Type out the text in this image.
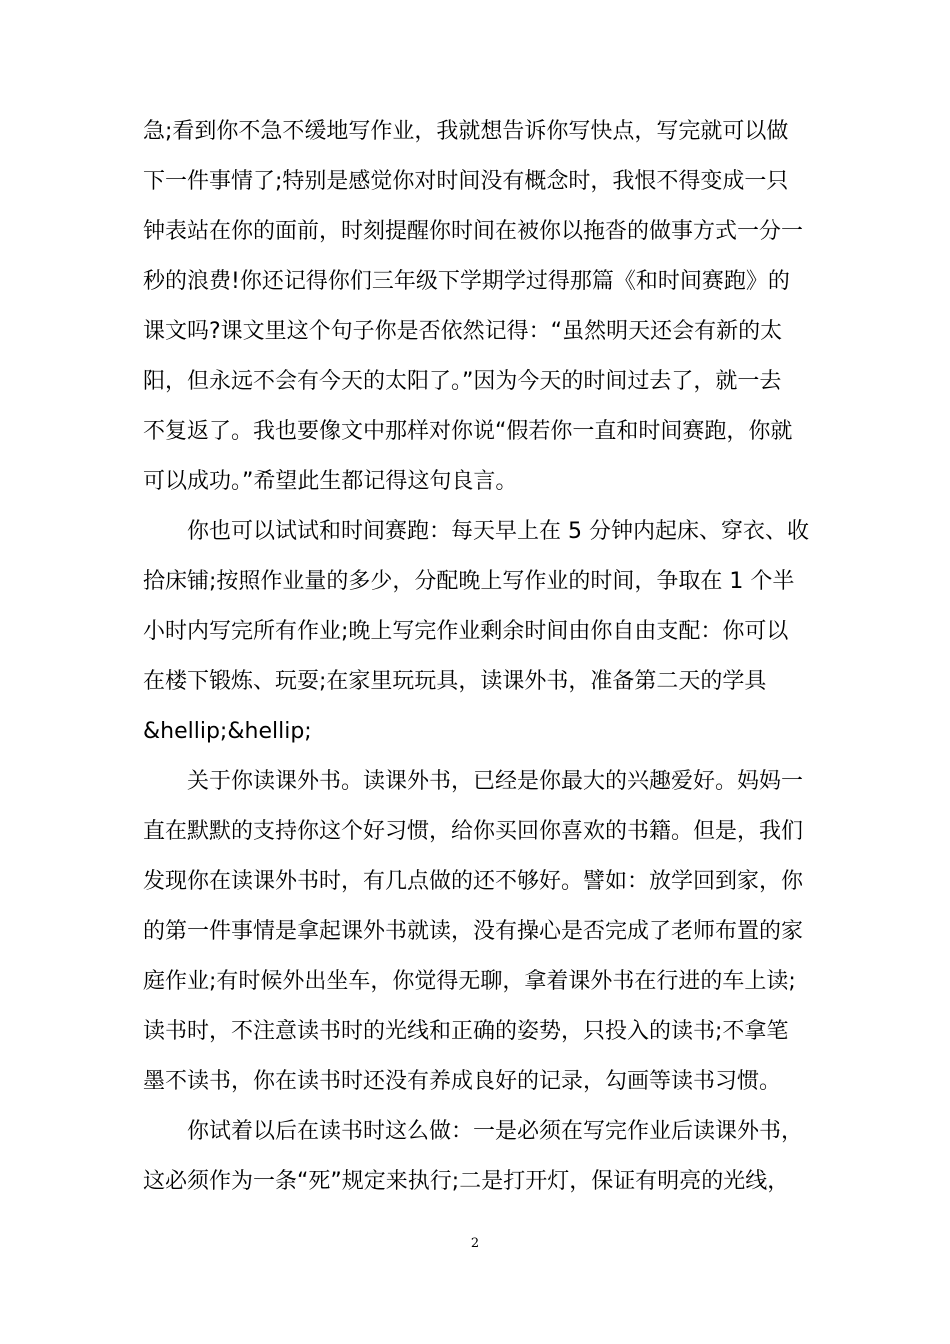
急;看到你不急不缓地写作业，我就想告诉你写快点，写完就可以做
下一件事情了;特别是感觉你对时间没有概念时，我恨不得变成一只
钟表站在你的面前，时刻提醒你时间在被你以拖沓的做事方式一分一
秒的浪费!你还记得你们三年级下学期学过得那篇《和时间赛跑》的
课文吗?课文里这个句子你是否依然记得：“虽然明天还会有新的太
阳，但永远不会有今天的太阳了。”因为今天的时间过去了，就一去
不复返了。我也要像文中那样对你说“假若你一直和时间赛跑，你就
可以成功。”希望此生都记得这句良言。

你也可以试试和时间赛跑：每天早上在 5 分钟内起床、穿衣、收
拾床铺;按照作业量的多少，分配晚上写作业的时间，争取在 1 个半
小时内写完所有作业;晚上写完作业剩余时间由你自由支配：你可以
在楼下锻炼、玩耍;在家里玩玩具，读课外书，准备第二天的学具
&hellip;&hellip;

关于你读课外书。读课外书，已经是你最大的兴趣爱好。妈妈一
直在默默的支持你这个好习惯，给你买回你喜欢的书籍。但是，我们
发现你在读课外书时，有几点做的还不够好。譬如：放学回到家，你
的第一件事情是拿起课外书就读，没有操心是否完成了老师布置的家
庭作业;有时候外出坐车，你觉得无聊，拿着课外书在行进的车上读;
读书时，不注意读书时的光线和正确的姿势，只投入的读书;不拿笔
墨不读书，你在读书时还没有养成良好的记录，勾画等读书习惯。

你试着以后在读书时这么做：一是必须在写完作业后读课外书，
这必须作为一条“死”规定来执行;二是打开灯，保证有明亮的光线，

2
